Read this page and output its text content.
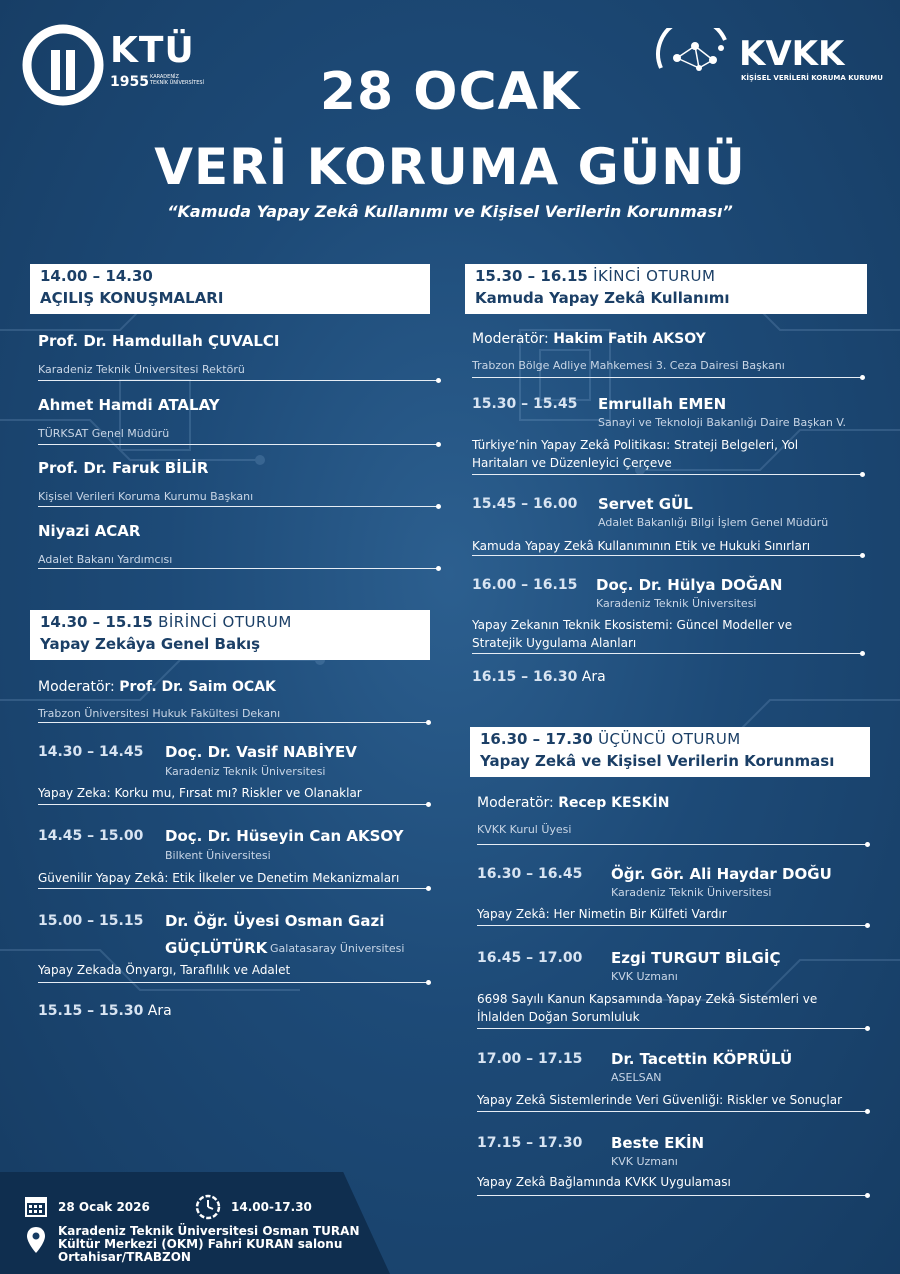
KTÜ
1955 KARADENİZ
TEKNİK ÜNİVERSİTESİ
KVKK
KİŞİSEL VERİLERİ KORUMA KURUMU
28 OCAK
VERİ KORUMA GÜNÜ
“Kamuda Yapay Zekâ Kullanımı ve Kişisel Verilerin Korunması”
14.00 – 14.30
AÇILIŞ KONUŞMALARI
Prof. Dr. Hamdullah ÇUVALCI
Karadeniz Teknik Üniversitesi Rektörü
Ahmet Hamdi ATALAY
TÜRKSAT Genel Müdürü
Prof. Dr. Faruk BİLİR
Kişisel Verileri Koruma Kurumu Başkanı
Niyazi ACAR
Adalet Bakanı Yardımcısı
14.30 – 15.15 BİRİNCİ OTURUM
Yapay Zekâya Genel Bakış
Moderatör: Prof. Dr. Saim OCAK
Trabzon Üniversitesi Hukuk Fakültesi Dekanı
14.30 – 14.45 Doç. Dr. Vasif NABİYEV
Karadeniz Teknik Üniversitesi
Yapay Zeka: Korku mu, Fırsat mı? Riskler ve Olanaklar
14.45 – 15.00 Doç. Dr. Hüseyin Can AKSOY
Bilkent Üniversitesi
Güvenilir Yapay Zekâ: Etik İlkeler ve Denetim Mekanizmaları
15.00 – 15.15 Dr. Öğr. Üyesi Osman Gazi
GÜÇLÜTÜRK Galatasaray Üniversitesi
Yapay Zekada Önyargı, Taraflılık ve Adalet
15.15 – 15.30 Ara
15.30 – 16.15 İKİNCİ OTURUM
Kamuda Yapay Zekâ Kullanımı
Moderatör: Hakim Fatih AKSOY
Trabzon Bölge Adliye Mahkemesi 3. Ceza Dairesi Başkanı
15.30 – 15.45 Emrullah EMEN
Sanayi ve Teknoloji Bakanlığı Daire Başkan V.
Türkiye’nin Yapay Zekâ Politikası: Strateji Belgeleri, Yol
Haritaları ve Düzenleyici Çerçeve
15.45 – 16.00 Servet GÜL
Adalet Bakanlığı Bilgi İşlem Genel Müdürü
Kamuda Yapay Zekâ Kullanımının Etik ve Hukuki Sınırları
16.00 – 16.15 Doç. Dr. Hülya DOĞAN
Karadeniz Teknik Üniversitesi
Yapay Zekanın Teknik Ekosistemi: Güncel Modeller ve
Stratejik Uygulama Alanları
16.15 – 16.30 Ara
16.30 – 17.30 ÜÇÜNCÜ OTURUM
Yapay Zekâ ve Kişisel Verilerin Korunması
Moderatör: Recep KESKİN
KVKK Kurul Üyesi
16.30 – 16.45 Öğr. Gör. Ali Haydar DOĞU
Karadeniz Teknik Üniversitesi
Yapay Zekâ: Her Nimetin Bir Külfeti Vardır
16.45 – 17.00 Ezgi TURGUT BİLGİÇ
KVK Uzmanı
6698 Sayılı Kanun Kapsamında Yapay Zekâ Sistemleri ve
İhlalden Doğan Sorumluluk
17.00 – 17.15 Dr. Tacettin KÖPRÜLÜ
ASELSAN
Yapay Zekâ Sistemlerinde Veri Güvenliği: Riskler ve Sonuçlar
17.15 – 17.30 Beste EKİN
KVK Uzmanı
Yapay Zekâ Bağlamında KVKK Uygulaması
28 Ocak 2026	14.00-17.30
Karadeniz Teknik Üniversitesi Osman TURAN
Kültür Merkezi (OKM) Fahri KURAN salonu
Ortahisar/TRABZON
